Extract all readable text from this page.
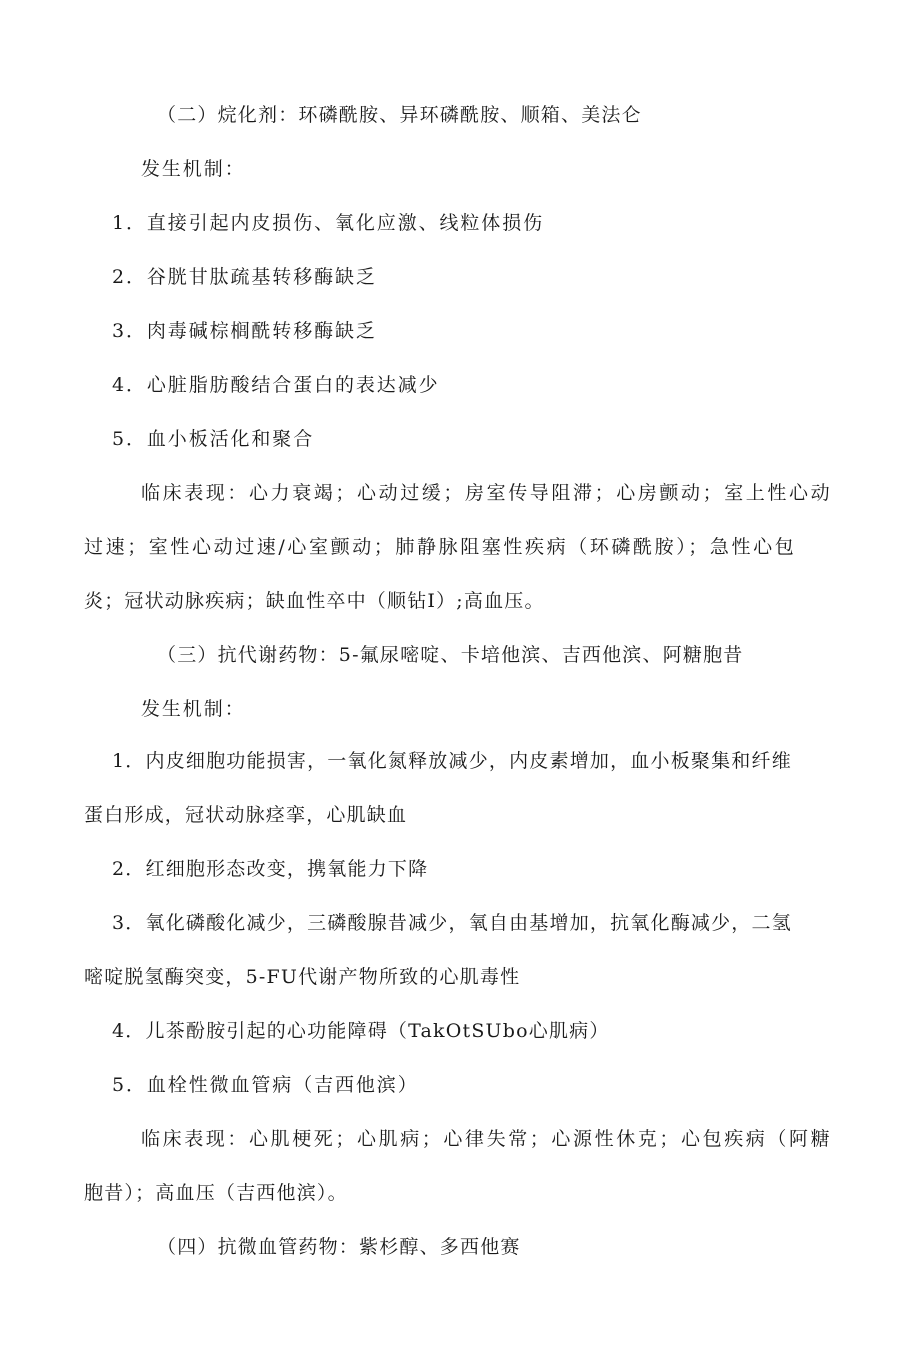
（二）烷化剂：环磷酰胺、异环磷酰胺、顺箱、美法仑
发生机制：
1．直接引起内皮损伤、氧化应激、线粒体损伤
2．谷胱甘肽疏基转移酶缺乏
3．肉毒碱棕榈酰转移酶缺乏
4．心脏脂肪酸结合蛋白的表达减少
5．血小板活化和聚合
临床表现：心力衰竭；心动过缓；房室传导阻滞；心房颤动；室上性心动
过速；室性心动过速/心室颤动；肺静脉阻塞性疾病（环磷酰胺）；急性心包
炎；冠状动脉疾病；缺血性卒中（顺钻Ⅰ）;高血压。
（三）抗代谢药物：5-氟尿嘧啶、卡培他滨、吉西他滨、阿糖胞昔
发生机制：
1．内皮细胞功能损害，一氧化氮释放减少，内皮素增加，血小板聚集和纤维
蛋白形成，冠状动脉痉挛，心肌缺血
2．红细胞形态改变，携氧能力下降
3．氧化磷酸化减少，三磷酸腺昔减少，氧自由基增加，抗氧化酶减少，二氢
嘧啶脱氢酶突变，5-FU代谢产物所致的心肌毒性
4．儿茶酚胺引起的心功能障碍（TakOtSUbo心肌病）
5．血栓性微血管病（吉西他滨）
临床表现：心肌梗死；心肌病；心律失常；心源性休克；心包疾病（阿糖
胞昔）；高血压（吉西他滨）。
（四）抗微血管药物：紫杉醇、多西他赛
